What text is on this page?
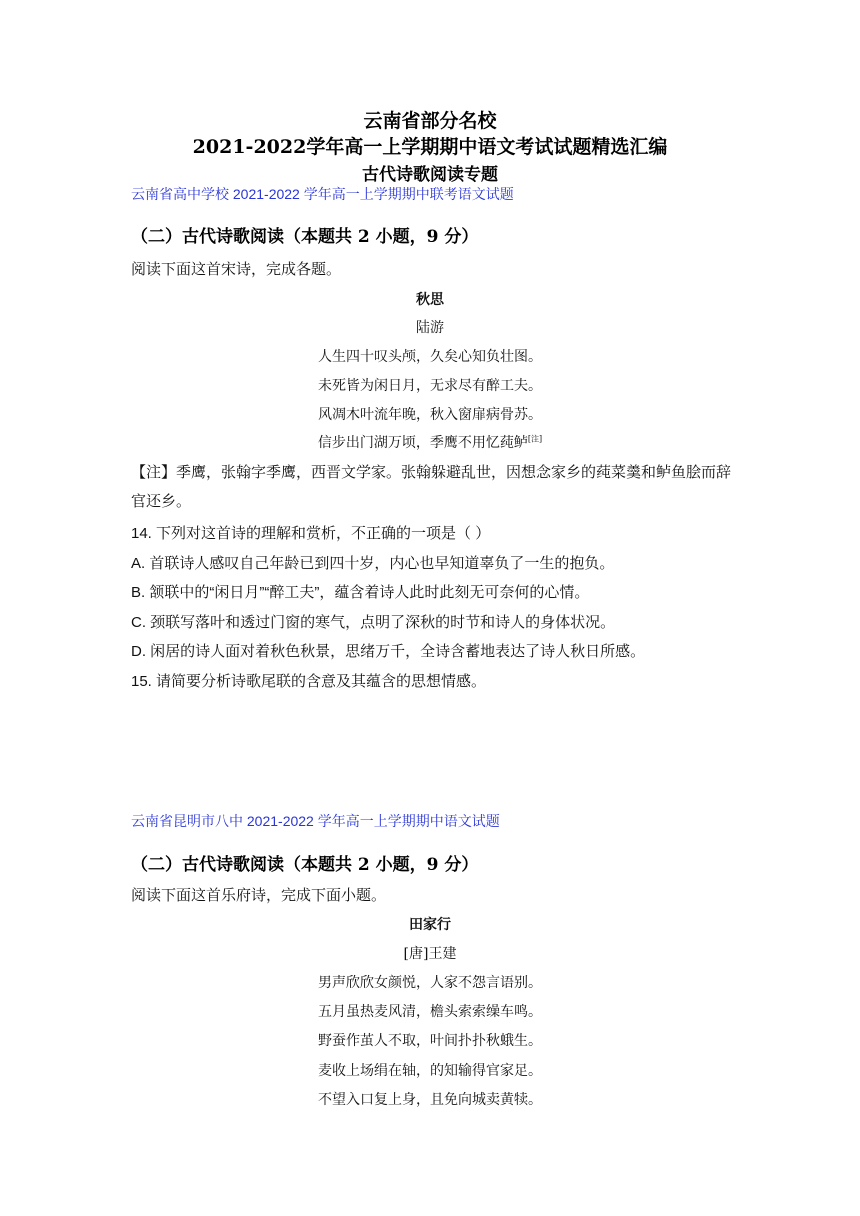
云南省部分名校
2021-2022学年高一上学期期中语文考试试题精选汇编
古代诗歌阅读专题
云南省高中学校 2021-2022 学年高一上学期期中联考语文试题
（二）古代诗歌阅读（本题共 2 小题，9 分）
阅读下面这首宋诗，完成各题。
秋思
陆游
人生四十叹头颅，久矣心知负壮图。
未死皆为闲日月，无求尽有醉工夫。
风凋木叶流年晚，秋入窗扉病骨苏。
信步出门湖万顷，季鹰不用忆莼鲈[注]
【注】季鹰，张翰字季鹰，西晋文学家。张翰躲避乱世，因想念家乡的莼菜羹和鲈鱼脍而辞官还乡。
14. 下列对这首诗的理解和赏析，不正确的一项是（ ）
A. 首联诗人感叹自己年龄已到四十岁，内心也早知道辜负了一生的抱负。
B. 颔联中的“闲日月”“醉工夫”，蕴含着诗人此时此刻无可奈何的心情。
C. 颈联写落叶和透过门窗的寒气，点明了深秋的时节和诗人的身体状况。
D. 闲居的诗人面对着秋色秋景，思绪万千，全诗含蓄地表达了诗人秋日所感。
15. 请简要分析诗歌尾联的含意及其蕴含的思想情感。
云南省昆明市八中 2021-2022 学年高一上学期期中语文试题
（二）古代诗歌阅读（本题共 2 小题，9 分）
阅读下面这首乐府诗，完成下面小题。
田家行
[唐]王建
男声欣欣女颜悦，人家不怨言语别。
五月虽热麦风清，檐头索索缲车鸣。
野蚕作茧人不取，叶间扑扑秋蛾生。
麦收上场绢在轴，的知输得官家足。
不望入口复上身，且免向城卖黄犊。
